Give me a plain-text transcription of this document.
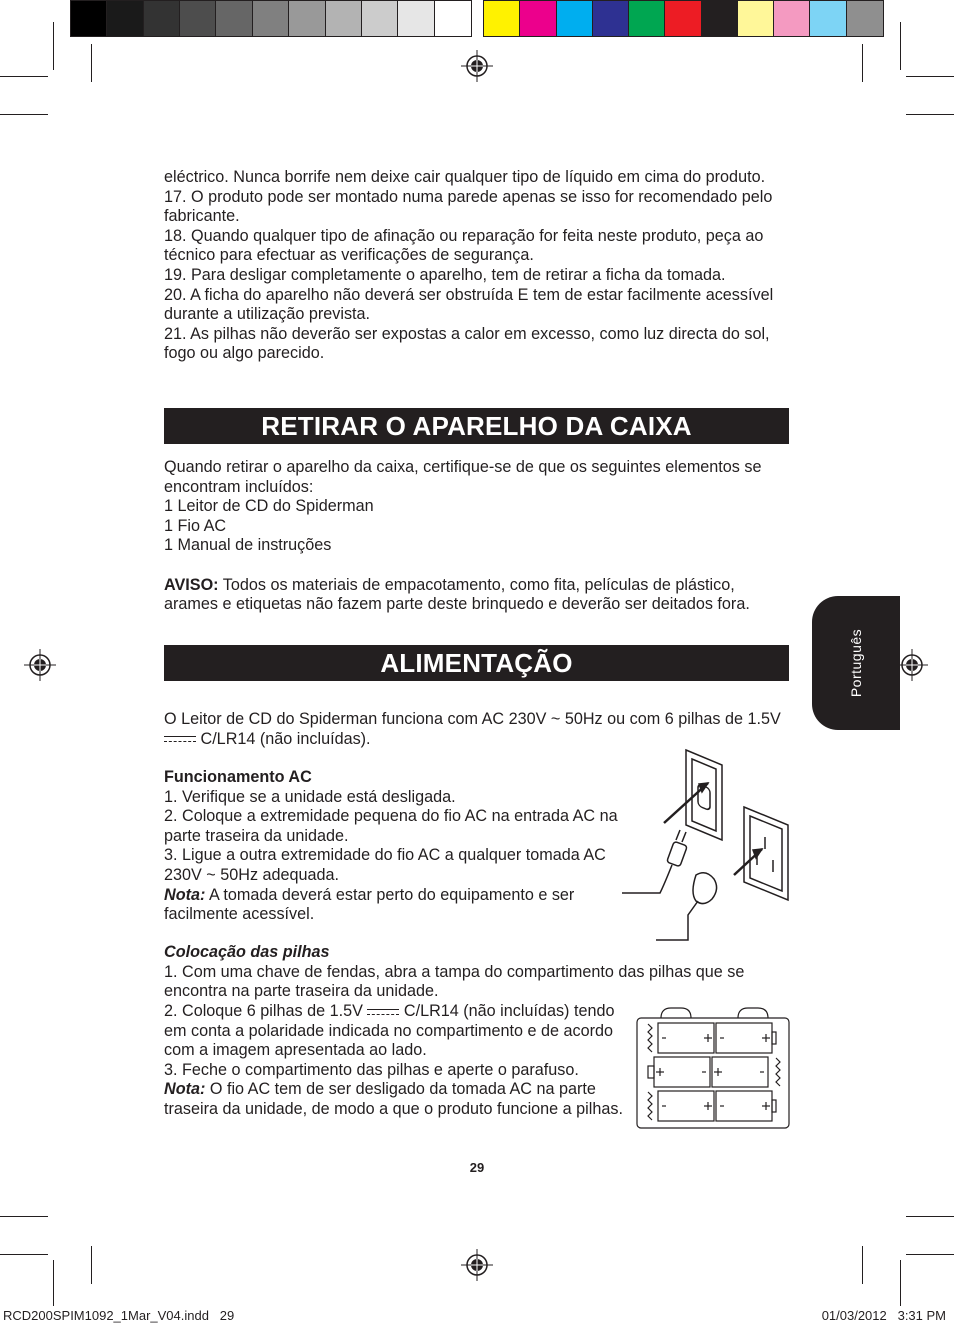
eléctrico. Nunca borrife nem deixe cair qualquer tipo de líquido em cima do produto.

17. O produto pode ser montado numa parede apenas se isso for recomendado pelo fabricante.

18. Quando qualquer tipo de afinação ou reparação for feita neste produto, peça ao técnico para efectuar as verificações de segurança.

19. Para desligar completamente o aparelho, tem de retirar a ficha da tomada.

20. A ficha do aparelho não deverá ser obstruída E tem de estar facilmente acessível durante a utilização prevista.

21. As pilhas não deverão ser expostas a calor em excesso, como luz directa do sol, fogo ou algo parecido.

RETIRAR O APARELHO DA CAIXA

Quando retirar o aparelho da caixa, certifique-se de que os seguintes elementos se encontram incluídos:

1 Leitor de CD do Spiderman

1 Fio AC

1 Manual de instruções

AVISO: Todos os materiais de empacotamento, como fita, películas de plástico, arames e etiquetas não fazem parte deste brinquedo e deverão ser deitados fora.

ALIMENTAÇÃO

O Leitor de CD do Spiderman funciona com AC 230V ~ 50Hz ou com 6 pilhas de 1.5V  C/LR14 (não incluídas).

Funcionamento AC

1. Verifique se a unidade está desligada.

2. Coloque a extremidade pequena do fio AC na entrada AC na parte traseira da unidade.

3. Ligue a outra extremidade do fio AC a qualquer tomada AC 230V ~ 50Hz adequada.

Nota: A tomada deverá estar perto do equipamento e ser facilmente acessível.

Colocação das pilhas

1. Com uma chave de fendas, abra a tampa do compartimento das pilhas que se encontra na parte traseira da unidade.

2. Coloque 6 pilhas de 1.5V  C/LR14 (não incluídas) tendo em conta a polaridade indicada no compartimento e de acordo com a imagem apresentada ao lado.

3. Feche o compartimento das pilhas e aperte o parafuso.

Nota: O fio AC tem de ser desligado da tomada AC na parte traseira da unidade, de modo a que o produto funcione a pilhas.

Português
29
RCD200SPIM1092_1Mar_V04.indd   29	01/03/2012   3:31 PM
